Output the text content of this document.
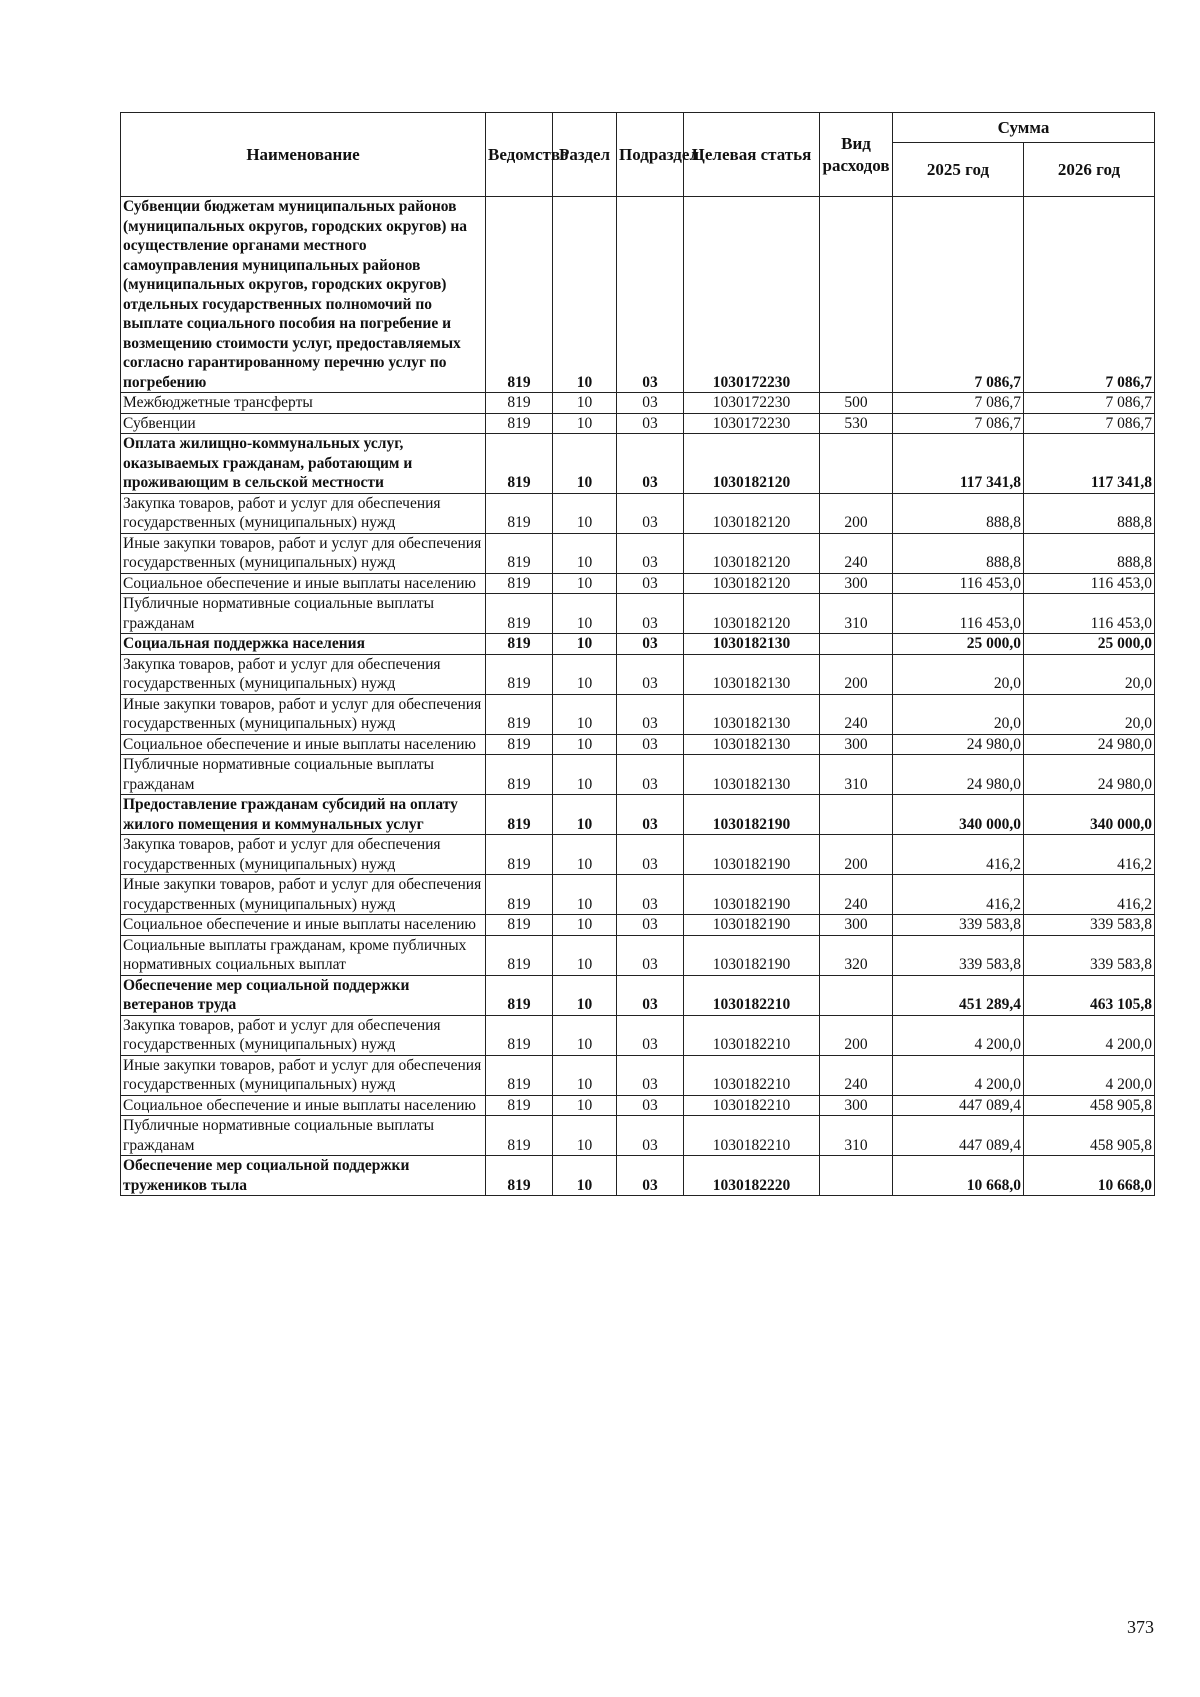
Наименование	Ведомство	Раздел	Подраздел	Целевая статья	Вид расходов	Сумма	
						2025 год	2026 год
Субвенции бюджетам муниципальных районов (муниципальных округов, городских округов) на осуществление органами местного самоуправления муниципальных районов (муниципальных округов, городских округов) отдельных государственных полномочий по выплате социального пособия на погребение и возмещению стоимости услуг, предоставляемых согласно гарантированному перечню услуг по погребению	819	10	03	1030172230		7 086,7	7 086,7
Межбюджетные трансферты	819	10	03	1030172230	500	7 086,7	7 086,7
Субвенции	819	10	03	1030172230	530	7 086,7	7 086,7
Оплата жилищно-коммунальных услуг, оказываемых гражданам, работающим и проживающим в сельской местности	819	10	03	1030182120		117 341,8	117 341,8
Закупка товаров, работ и услуг для обеспечения государственных (муниципальных) нужд	819	10	03	1030182120	200	888,8	888,8
Иные закупки товаров, работ и услуг для обеспечения государственных (муниципальных) нужд	819	10	03	1030182120	240	888,8	888,8
Социальное обеспечение и иные выплаты населению	819	10	03	1030182120	300	116 453,0	116 453,0
Публичные нормативные социальные выплаты гражданам	819	10	03	1030182120	310	116 453,0	116 453,0
Социальная поддержка населения	819	10	03	1030182130		25 000,0	25 000,0
Закупка товаров, работ и услуг для обеспечения государственных (муниципальных) нужд	819	10	03	1030182130	200	20,0	20,0
Иные закупки товаров, работ и услуг для обеспечения государственных (муниципальных) нужд	819	10	03	1030182130	240	20,0	20,0
Социальное обеспечение и иные выплаты населению	819	10	03	1030182130	300	24 980,0	24 980,0
Публичные нормативные социальные выплаты гражданам	819	10	03	1030182130	310	24 980,0	24 980,0
Предоставление гражданам субсидий на оплату жилого помещения и коммунальных услуг	819	10	03	1030182190		340 000,0	340 000,0
Закупка товаров, работ и услуг для обеспечения государственных (муниципальных) нужд	819	10	03	1030182190	200	416,2	416,2
Иные закупки товаров, работ и услуг для обеспечения государственных (муниципальных) нужд	819	10	03	1030182190	240	416,2	416,2
Социальное обеспечение и иные выплаты населению	819	10	03	1030182190	300	339 583,8	339 583,8
Социальные выплаты гражданам, кроме публичных нормативных социальных выплат	819	10	03	1030182190	320	339 583,8	339 583,8
Обеспечение мер социальной поддержки ветеранов труда	819	10	03	1030182210		451 289,4	463 105,8
Закупка товаров, работ и услуг для обеспечения государственных (муниципальных) нужд	819	10	03	1030182210	200	4 200,0	4 200,0
Иные закупки товаров, работ и услуг для обеспечения государственных (муниципальных) нужд	819	10	03	1030182210	240	4 200,0	4 200,0
Социальное обеспечение и иные выплаты населению	819	10	03	1030182210	300	447 089,4	458 905,8
Публичные нормативные социальные выплаты гражданам	819	10	03	1030182210	310	447 089,4	458 905,8
Обеспечение мер социальной поддержки тружеников тыла	819	10	03	1030182220		10 668,0	10 668,0
373
